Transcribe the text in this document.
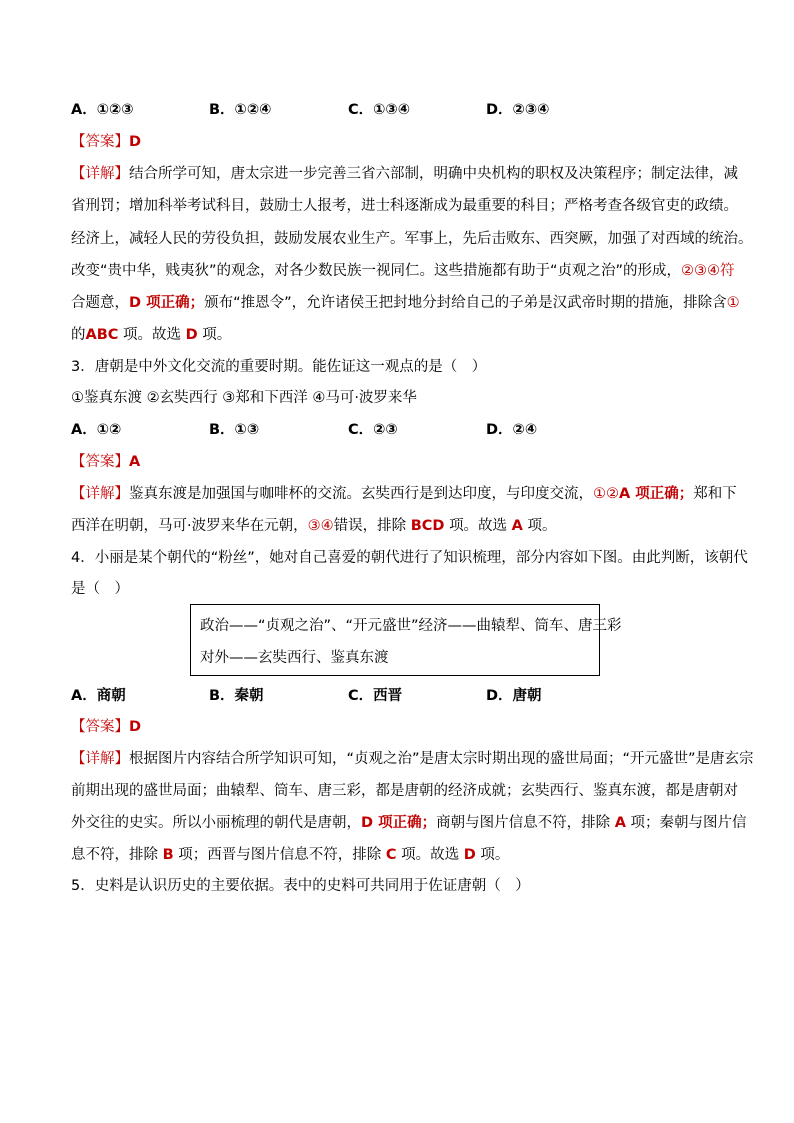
A．①②③	B．①②④	C．①③④	D．②③④
【答案】D
【详解】结合所学可知，唐太宗进一步完善三省六部制，明确中央机构的职权及决策程序；制定法律，减
省刑罚；增加科举考试科目，鼓励士人报考，进士科逐渐成为最重要的科目；严格考查各级官吏的政绩。
经济上，减轻人民的劳役负担，鼓励发展农业生产。军事上，先后击败东、西突厥，加强了对西域的统治。
改变“贵中华，贱夷狄”的观念，对各少数民族一视同仁。这些措施都有助于“贞观之治”的形成，②③④符
合题意，D 项正确；颁布“推恩令”，允许诸侯王把封地分封给自己的子弟是汉武帝时期的措施，排除含①
的ABC 项。故选 D 项。
3．唐朝是中外文化交流的重要时期。能佐证这一观点的是（　）
①鉴真东渡 ②玄奘西行 ③郑和下西洋 ④马可·波罗来华
A．①②	B．①③	C．②③	D．②④
【答案】A
【详解】鉴真东渡是加强国与咖啡杯的交流。玄奘西行是到达印度，与印度交流，①②A 项正确；郑和下
西洋在明朝，马可·波罗来华在元朝，③④错误，排除 BCD 项。故选 A 项。
4．小丽是某个朝代的“粉丝”，她对自己喜爱的朝代进行了知识梳理，部分内容如下图。由此判断，该朝代
是（　）
政治——“贞观之治”、“开元盛世”经济——曲辕犁、筒车、唐三彩
对外——玄奘西行、鉴真东渡
A．商朝	B．秦朝	C．西晋	D．唐朝
【答案】D
【详解】根据图片内容结合所学知识可知，“贞观之治”是唐太宗时期出现的盛世局面；“开元盛世”是唐玄宗
前期出现的盛世局面；曲辕犁、筒车、唐三彩，都是唐朝的经济成就；玄奘西行、鉴真东渡，都是唐朝对
外交往的史实。所以小丽梳理的朝代是唐朝，D 项正确；商朝与图片信息不符，排除 A 项；秦朝与图片信
息不符，排除 B 项；西晋与图片信息不符，排除 C 项。故选 D 项。
5．史料是认识历史的主要依据。表中的史料可共同用于佐证唐朝（　）
